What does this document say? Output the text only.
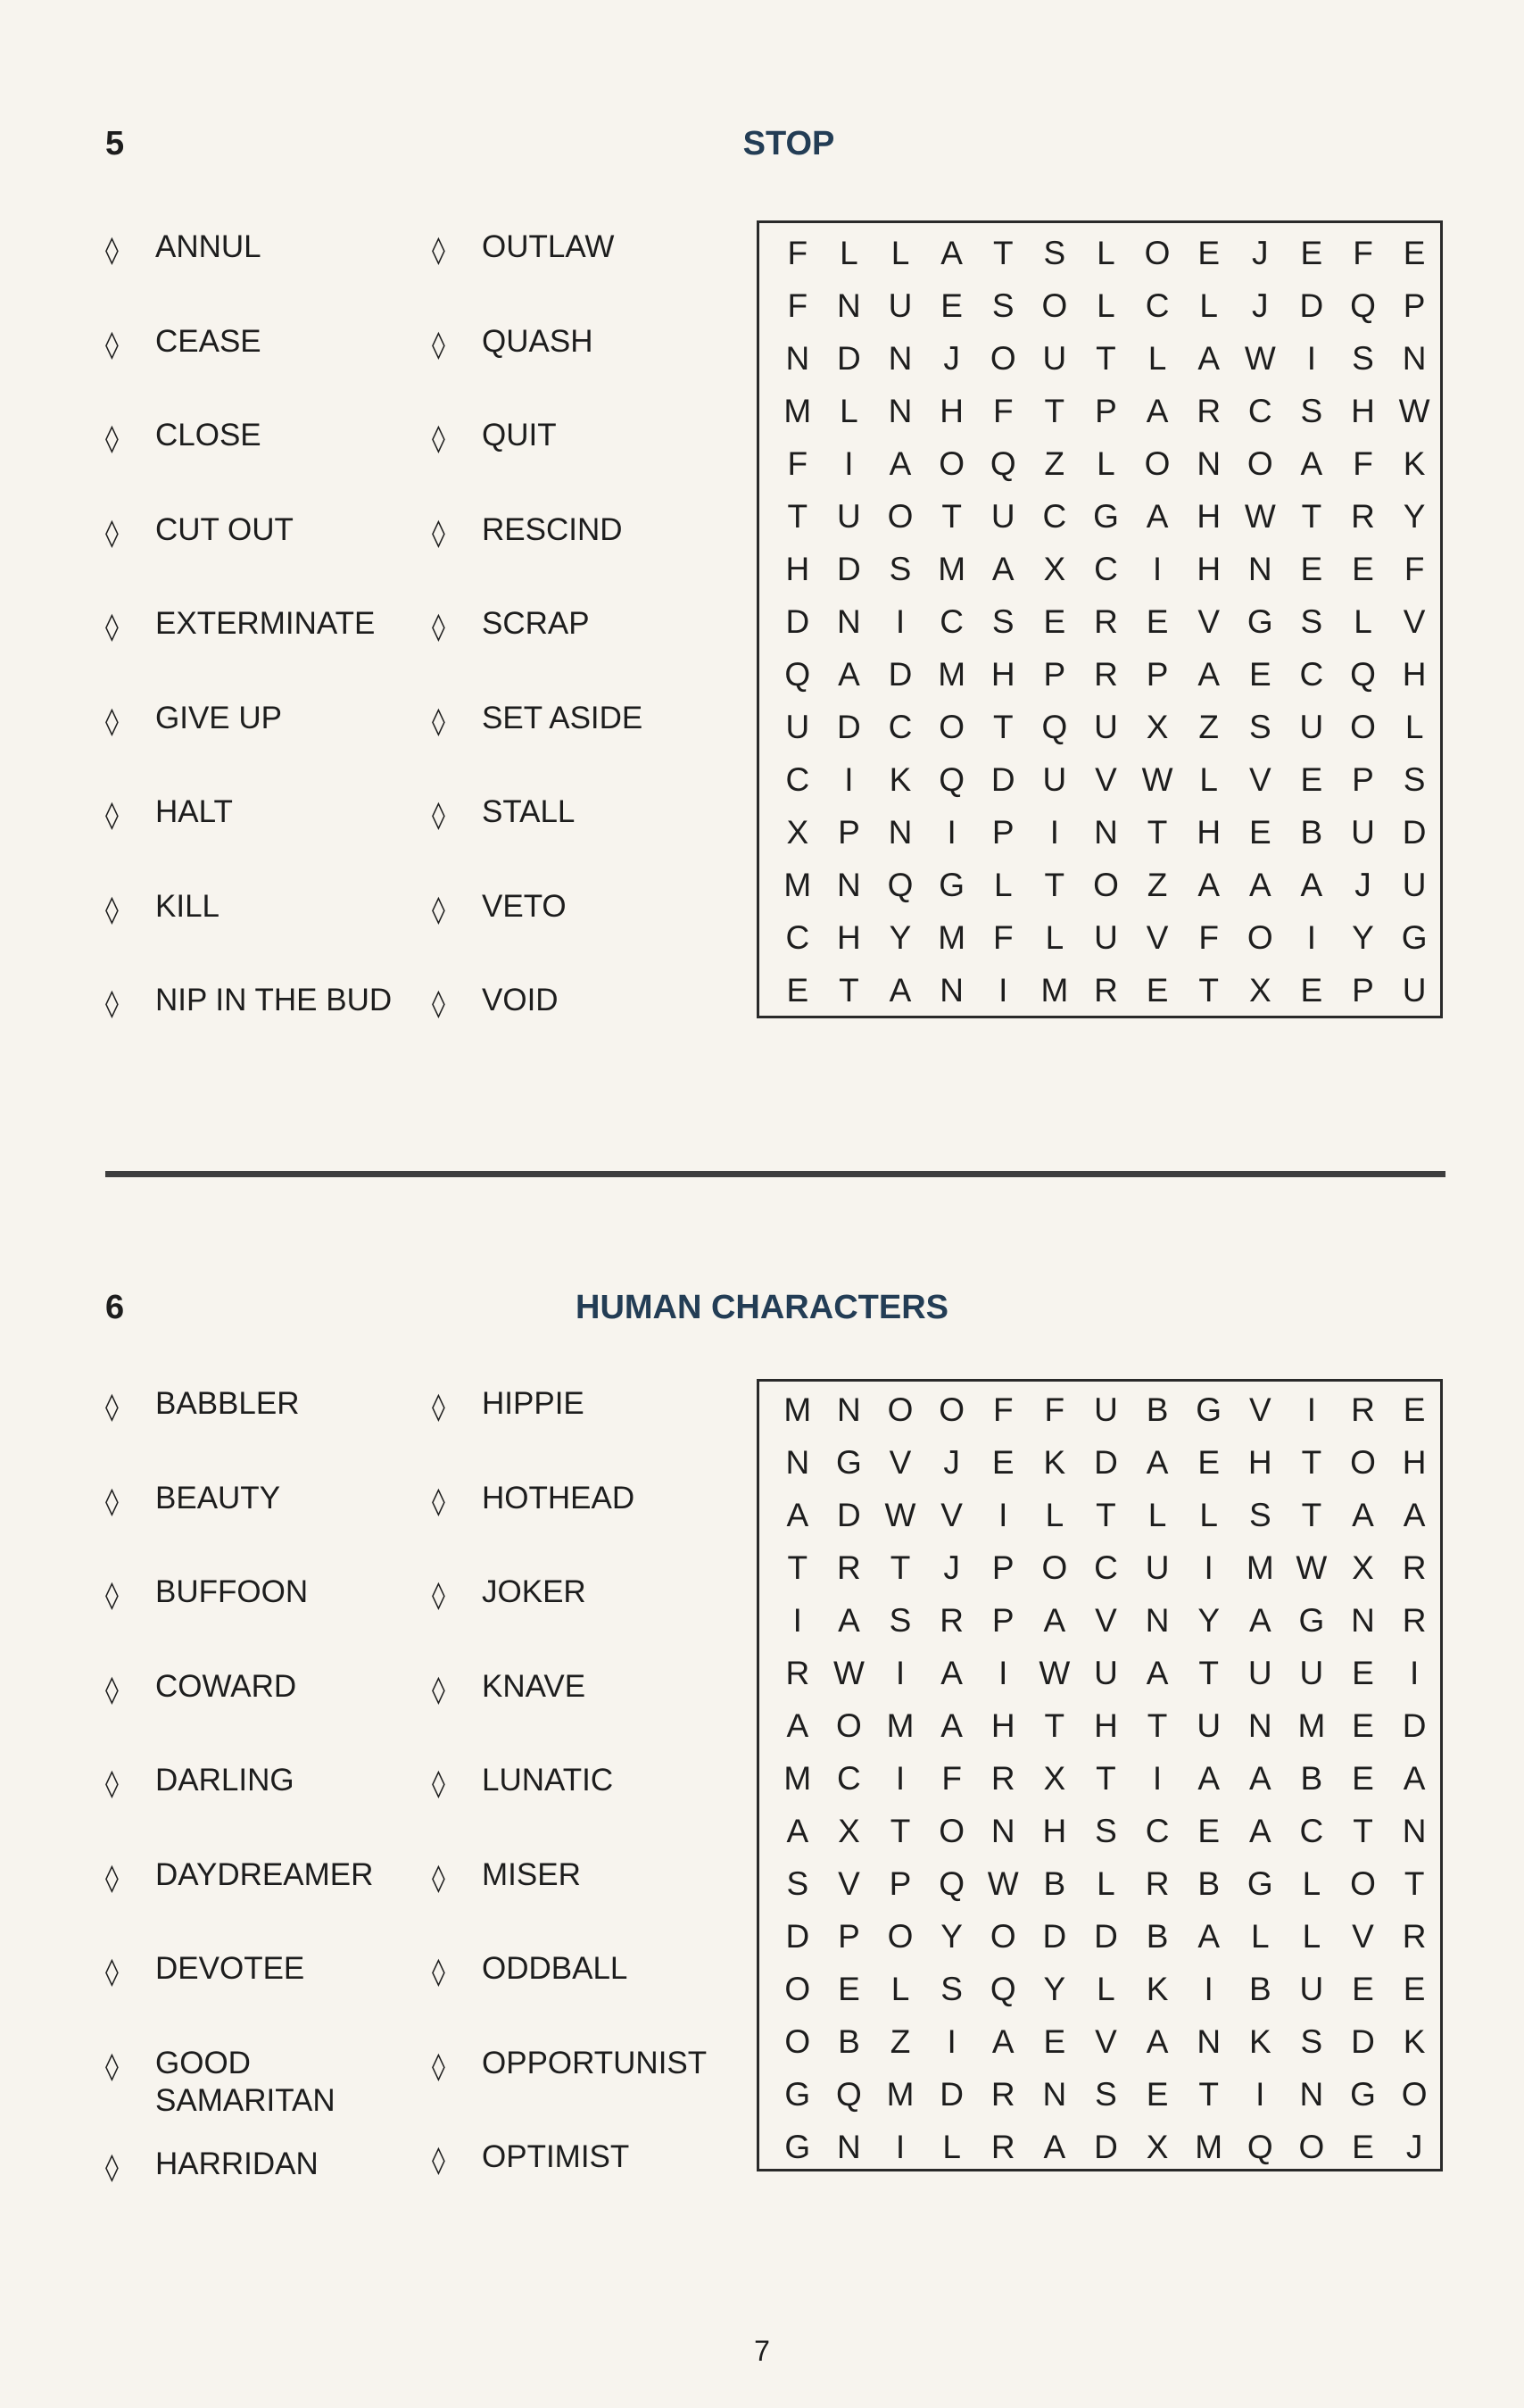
5	STOP
◊ ANNUL
◊ CEASE
◊ CLOSE
◊ CUT OUT
◊ EXTERMINATE
◊ GIVE UP
◊ HALT
◊ KILL
◊ NIP IN THE BUD
◊ OUTLAW
◊ QUASH
◊ QUIT
◊ RESCIND
◊ SCRAP
◊ SET ASIDE
◊ STALL
◊ VETO
◊ VOID
F L	L A T S L O E J E F E
F N U E S O L C L	J D Q P
N D N J O U T L A W I	S N
M L N H F T P A R C S H W
F	I	A O Q Z L O N O A F K
T U O T U C G A H W T R Y
H D S M A X C	I	H N E E F
D N	I	C S E R E V G S L V
Q A D M H P R P A E C Q H
U D C O T Q U X Z S U O L
C	I	K Q D U V W L V E P S
X P N	I	P	I	N T H E B U D
M N Q G L T O Z A A A J U
C H Y M F L U V F O	I	Y G
E T A N	I	M R E T X E P U
6	HUMAN CHARACTERS
◊ BABBLER
◊ BEAUTY
◊ BUFFOON
◊ COWARD
◊ DARLING
◊ DAYDREAMER
◊ DEVOTEE
◊ GOOD
SAMARITAN
◊ HARRIDAN
◊ HIPPIE
◊ HOTHEAD
◊ JOKER
◊ KNAVE
◊ LUNATIC
◊ MISER
◊ ODDBALL
◊ OPPORTUNIST
◊ OPTIMIST
M N O O F F U B G V	I	R E
N G V J E K D A E H T O H
A D W V	I	L T L	L S T A A
T R T	J P O C U	I	M W X R
I	A S R P A V N Y A G N R
R W I	A	I W U A T U U E	I
A O M A H T H T U N M E D
M C	I	F R X T	I	A A B E A
A X T O N H S C E A C T N
S V P Q W B L R B G L O T
D P O Y O D D B A L	L V R
O E L S Q Y L K	I	B U E E
O B Z	I	A E V A N K S D K
G Q M D R N S E T	I	N G O
G N	I	L R A D X M Q O E J
7
